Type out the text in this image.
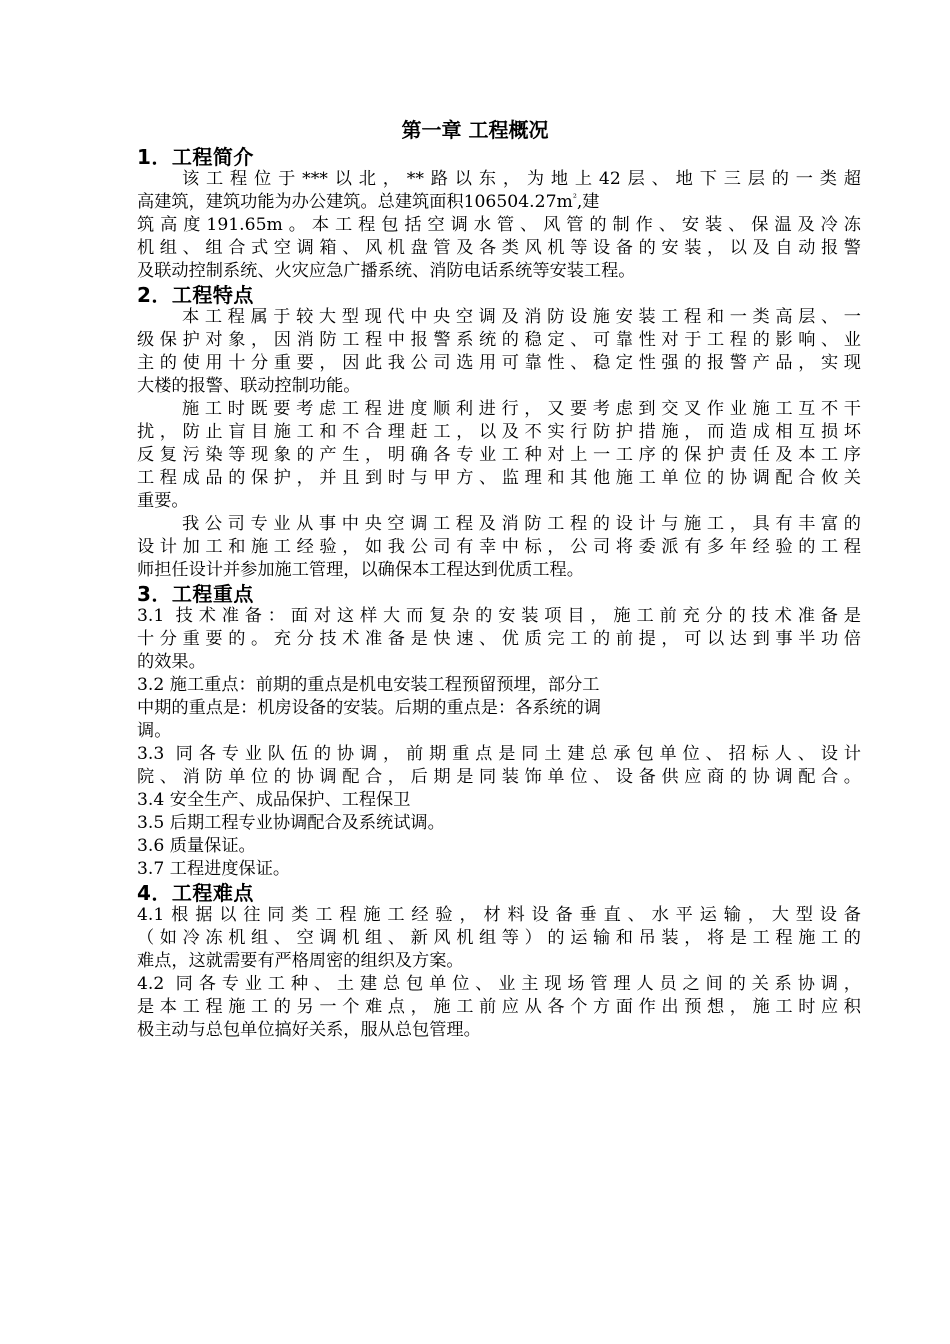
第一章 工程概况
1．工程简介
该工程位于***以北，**路以东，为地上42层、地下三层的一类超
高建筑，建筑功能为办公建筑。总建筑面积$106504.27m^{^2}$,建
筑高度191.65m。本工程包括空调水管、风管的制作、安装、保温及冷冻
机组、组合式空调箱、风机盘管及各类风机等设备的安装，以及自动报警
及联动控制系统、火灾应急广播系统、消防电话系统等安装工程。
2．工程特点
本工程属于较大型现代中央空调及消防设施安装工程和一类高层、一
级保护对象，因消防工程中报警系统的稳定、可靠性对于工程的影响、业
主的使用十分重要，因此我公司选用可靠性、稳定性强的报警产品，实现
大楼的报警、联动控制功能。
施工时既要考虑工程进度顺利进行，又要考虑到交叉作业施工互不干
扰，防止盲目施工和不合理赶工，以及不实行防护措施，而造成相互损坏
反复污染等现象的产生，明确各专业工种对上一工序的保护责任及本工序
工程成品的保护，并且到时与甲方、监理和其他施工单位的协调配合攸关
重要。
我公司专业从事中央空调工程及消防工程的设计与施工，具有丰富的
设计加工和施工经验，如我公司有幸中标，公司将委派有多年经验的工程
师担任设计并参加施工管理，以确保本工程达到优质工程。
3．工程重点
3.1 技术准备：面对这样大而复杂的安装项目，施工前充分的技术准备是
十分重要的。充分技术准备是快速、优质完工的前提，可以达到事半功倍
的效果。
3.2 施工重点：前期的重点是机电安装工程预留预埋，部分工
中期的重点是：机房设备的安装。后期的重点是：各系统的调
调。
3.3 同各专业队伍的协调，前期重点是同土建总承包单位、招标人、设计
院、消防单位的协调配合，后期是同装饰单位、设备供应商的协调配合。
3.4 安全生产、成品保护、工程保卫
3.5 后期工程专业协调配合及系统试调。
3.6 质量保证。
3.7 工程进度保证。
4．工程难点
4.1根据以往同类工程施工经验，材料设备垂直、水平运输，大型设备
（如冷冻机组、空调机组、新风机组等）的运输和吊装，将是工程施工的
难点，这就需要有严格周密的组织及方案。
4.2 同各专业工种、土建总包单位、业主现场管理人员之间的关系协调，
是本工程施工的另一个难点，施工前应从各个方面作出预想，施工时应积
极主动与总包单位搞好关系，服从总包管理。
